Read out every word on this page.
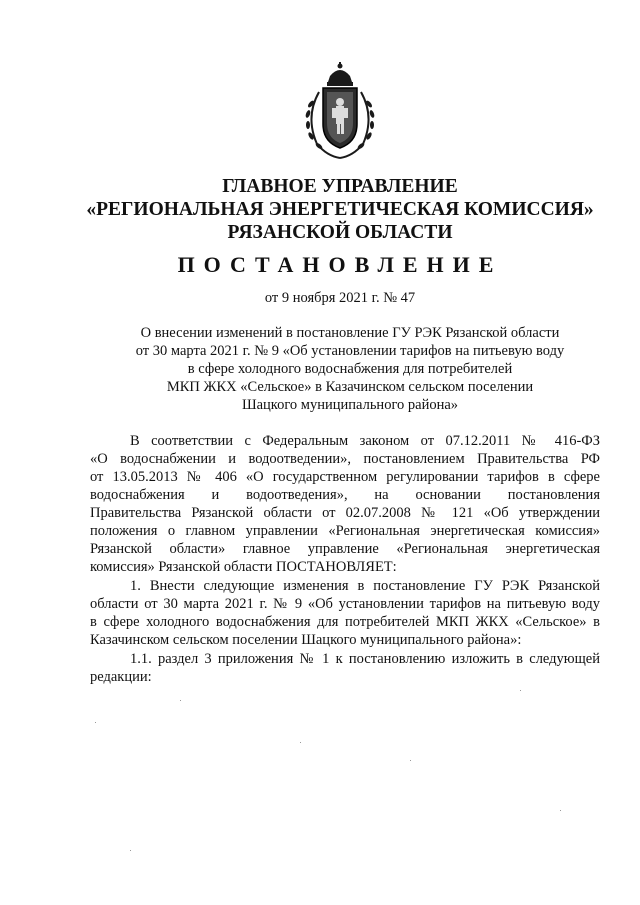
ГЛАВНОЕ УПРАВЛЕНИЕ
«РЕГИОНАЛЬНАЯ ЭНЕРГЕТИЧЕСКАЯ КОМИССИЯ»
РЯЗАНСКОЙ ОБЛАСТИ
ПОСТАНОВЛЕНИЕ
от 9 ноября 2021 г. № 47
О внесении изменений в постановление ГУ РЭК Рязанской области
от 30 марта 2021 г. № 9 «Об установлении тарифов на питьевую воду
в сфере холодного водоснабжения для потребителей
МКП ЖКХ «Сельское» в Казачинском сельском поселении
Шацкого муниципального района»
В соответствии с Федеральным законом от 07.12.2011 № 416-ФЗ
«О водоснабжении и водоотведении», постановлением Правительства РФ
от 13.05.2013 № 406 «О государственном регулировании тарифов в сфере
водоснабжения и водоотведения», на основании постановления
Правительства Рязанской области от 02.07.2008 № 121 «Об утверждении
положения о главном управлении «Региональная энергетическая комиссия»
Рязанской области» главное управление «Региональная энергетическая
комиссия» Рязанской области ПОСТАНОВЛЯЕТ:
1. Внести следующие изменения в постановление ГУ РЭК Рязанской
области от 30 марта 2021 г. № 9 «Об установлении тарифов на питьевую воду
в сфере холодного водоснабжения для потребителей МКП ЖКХ «Сельское» в
Казачинском сельском поселении Шацкого муниципального района»:
1.1. раздел 3 приложения № 1 к постановлению изложить в следующей
редакции:
